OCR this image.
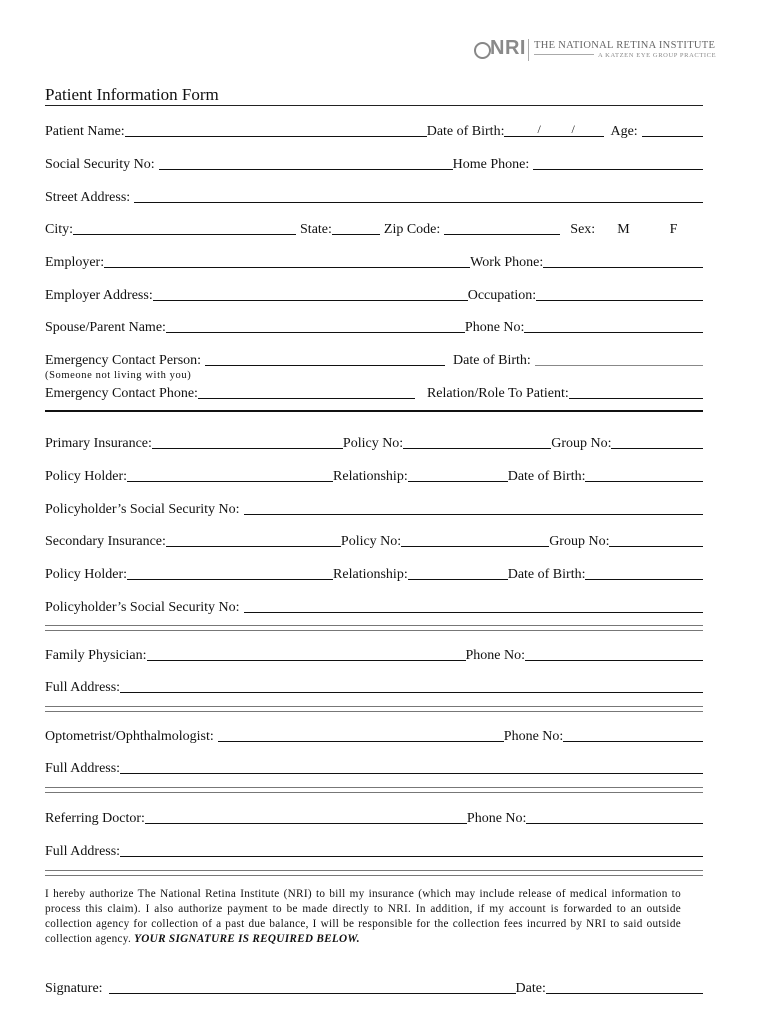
NRI THE NATIONAL RETINA INSTITUTE
A KATZEN EYE GROUP PRACTICE
Patient Information Form
Patient Name:	Date of Birth:	/	/	Age:
Social Security No:	Home Phone:
Street Address:
City:	State:	Zip Code:	Sex: M	F
Employer:	Work Phone:
Employer Address:	Occupation:
Spouse/Parent Name:	Phone No:
Emergency Contact Person:	Date of Birth:
(Someone not living with you)
Emergency Contact Phone:	Relation/Role To Patient:
Primary Insurance:	Policy No:	Group No:
Policy Holder:	Relationship:	Date of Birth:
Policyholder’s Social Security No:
Secondary Insurance:	Policy No:	Group No:
Policy Holder:	Relationship:	Date of Birth:
Policyholder’s Social Security No:
Family Physician:	Phone No:
Full Address:
Optometrist/Ophthalmologist:	Phone No:
Full Address:
Referring Doctor:	Phone No:
Full Address:
I hereby authorize The National Retina Institute (NRI) to bill my insurance (which may include release of medical information to process this claim). I also authorize payment to be made directly to NRI. In addition, if my account is forwarded to an outside collection agency for collection of a past due balance, I will be responsible for the collection fees incurred by NRI to said outside collection agency. YOUR SIGNATURE IS REQUIRED BELOW.
Signature:	Date:
